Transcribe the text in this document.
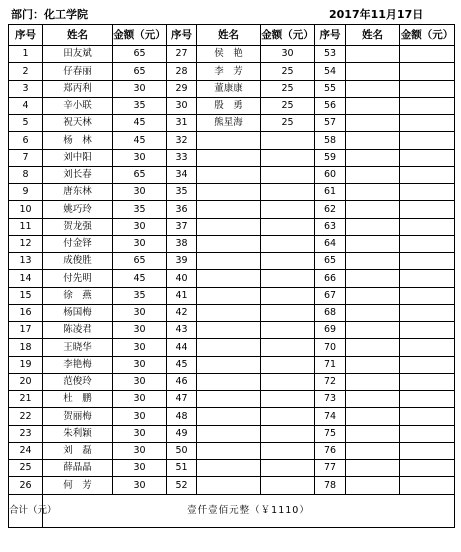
部门：化工学院	2017年11月17日
序号	姓名	金额（元）	序号	姓名	金额（元）	序号	姓名	金额（元）
1	田友斌	65	27	侯　艳	30	53		
2	仔春丽	65	28	李　芳	25	54		
3	郑丙利	30	29	董康康	25	55		
4	辛小联	35	30	殷　勇	25	56		
5	祝天林	45	31	熊星海	25	57		
6	杨　林	45	32			58		
7	刘中阳	30	33			59		
8	刘长春	65	34			60		
9	唐东林	30	35			61		
10	姚巧玲	35	36			62		
11	贺龙强	30	37			63		
12	付金铎	30	38			64		
13	成俊胜	65	39			65		
14	付先明	45	40			66		
15	徐　燕	35	41			67		
16	杨国梅	30	42			68		
17	陈凌君	30	43			69		
18	王晓华	30	44			70		
19	李艳梅	30	45			71		
20	范俊玲	30	46			72		
21	杜　鹏	30	47			73		
22	贺丽梅	30	48			74		
23	朱利颖	30	49			75		
24	刘　磊	30	50			76		
25	薛晶晶	30	51			77		
26	何　芳	30	52			78		
合计（元）	壹仟壹佰元整（￥1110）							
